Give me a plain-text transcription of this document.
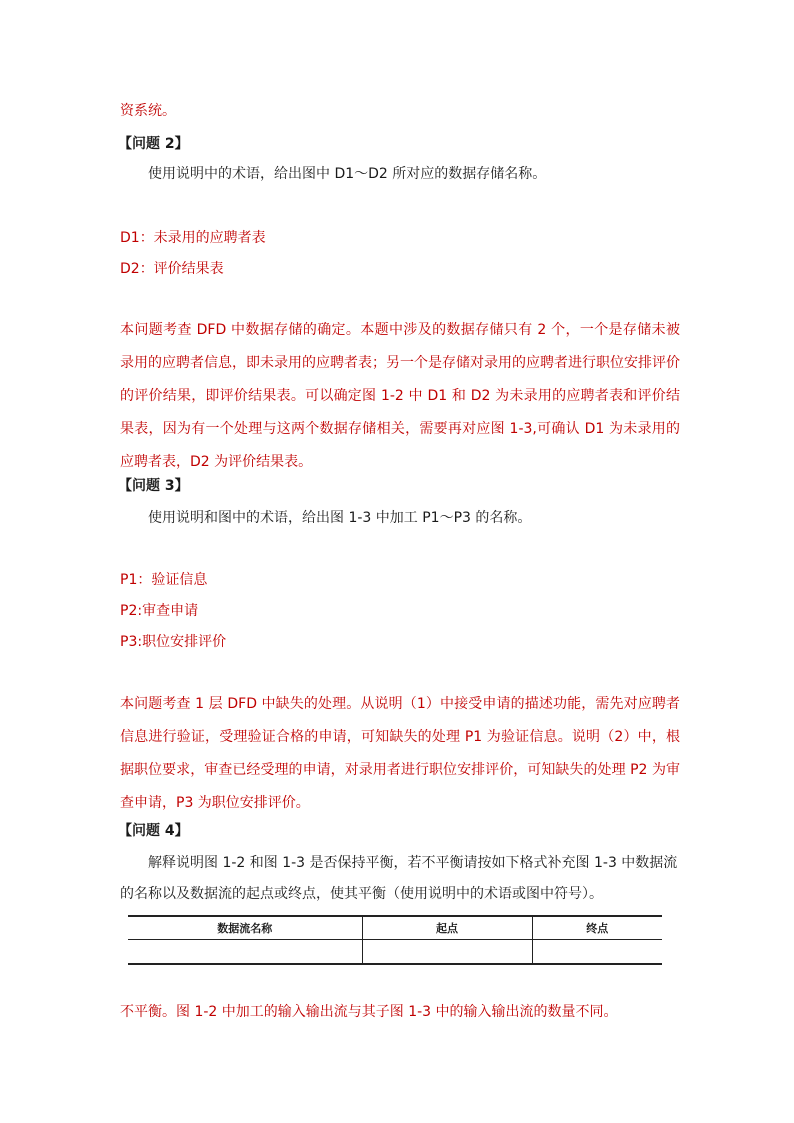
资系统。
【问题 2】
使用说明中的术语，给出图中 D1～D2 所对应的数据存储名称。
D1：未录用的应聘者表
D2：评价结果表
本问题考查 DFD 中数据存储的确定。本题中涉及的数据存储只有 2 个，一个是存储未被录用的应聘者信息，即未录用的应聘者表；另一个是存储对录用的应聘者进行职位安排评价的评价结果，即评价结果表。可以确定图 1-2 中 D1 和 D2 为未录用的应聘者表和评价结果表，因为有一个处理与这两个数据存储相关，需要再对应图 1-3,可确认 D1 为未录用的应聘者表，D2 为评价结果表。
【问题 3】
使用说明和图中的术语，给出图 1-3 中加工 P1～P3 的名称。
P1：验证信息
P2:审查申请
P3:职位安排评价
本问题考查 1 层 DFD 中缺失的处理。从说明（1）中接受申请的描述功能，需先对应聘者信息进行验证，受理验证合格的申请，可知缺失的处理 P1 为验证信息。说明（2）中，根据职位要求，审查已经受理的申请，对录用者进行职位安排评价，可知缺失的处理 P2 为审查申请，P3 为职位安排评价。
【问题 4】
解释说明图 1-2 和图 1-3 是否保持平衡，若不平衡请按如下格式补充图 1-3 中数据流
的名称以及数据流的起点或终点，使其平衡（使用说明中的术语或图中符号）。
数据流名称	起点	终点

不平衡。图 1-2 中加工的输入输出流与其子图 1-3 中的输入输出流的数量不同。
